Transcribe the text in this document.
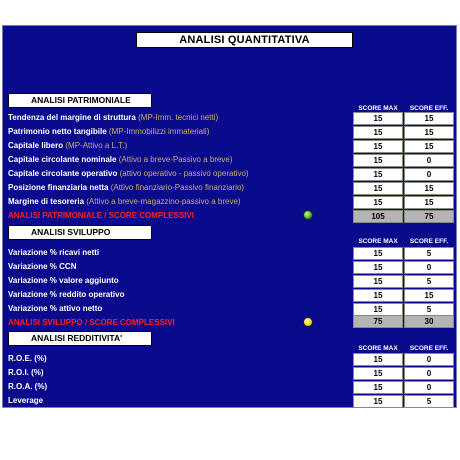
ANALISI QUANTITATIVA
ANALISI PATRIMONIALE
SCORE MAX	SCORE EFF.
Tendenza del margine di struttura (MP-Imm. tecnici netti)	15	15
Patrimonio netto tangibile (MP-Immobilizzi immateriali)	15	15
Capitale libero (MP-Attivo a L.T.)	15	15
Capitale circolante nominale (Attivo a breve-Passivo a breve)	15	0
Capitale circolante operativo (attivo operativo - passivo operativo)	15	0
Posizione finanziaria netta (Attivo finanziario-Passivo finanziario)	15	15
Margine di tesoreria (Attivo a breve-magazzino-passivo a breve)	15	15
ANALISI PATRIMONIALE / SCORE COMPLESSIVI	105	75
ANALISI SVILUPPO
SCORE MAX	SCORE EFF.
Variazione % ricavi netti	15	5
Variazione % CCN	15	0
Variazione % valore aggiunto	15	5
Variazione % reddito operativo	15	15
Variazione % attivo netto	15	5
ANALISI SVILUPPO / SCORE COMPLESSIVI	75	30
ANALISI REDDITIVITA'
SCORE MAX	SCORE EFF.
R.O.E. (%)	15	0
R.O.I. (%)	15	0
R.O.A. (%)	15	0
Leverage	15	5
